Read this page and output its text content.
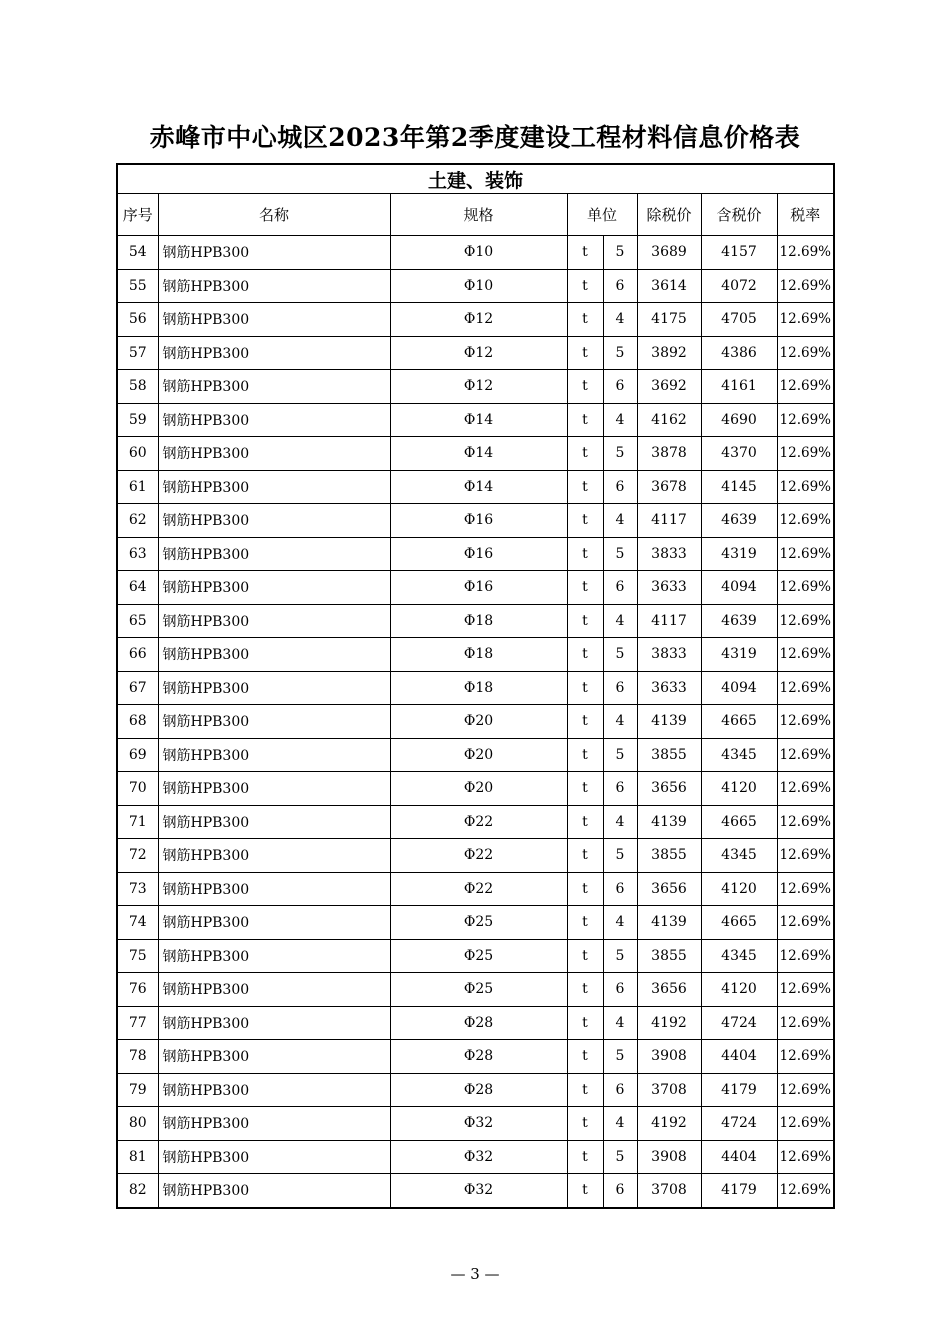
赤峰市中心城区2023年第2季度建设工程材料信息价格表
土建、装饰							
序号	名称	规格	单位		除税价	含税价	税率
54	钢筋HPB300	Φ10	t	5	3689	4157	12.69%
55	钢筋HPB300	Φ10	t	6	3614	4072	12.69%
56	钢筋HPB300	Φ12	t	4	4175	4705	12.69%
57	钢筋HPB300	Φ12	t	5	3892	4386	12.69%
58	钢筋HPB300	Φ12	t	6	3692	4161	12.69%
59	钢筋HPB300	Φ14	t	4	4162	4690	12.69%
60	钢筋HPB300	Φ14	t	5	3878	4370	12.69%
61	钢筋HPB300	Φ14	t	6	3678	4145	12.69%
62	钢筋HPB300	Φ16	t	4	4117	4639	12.69%
63	钢筋HPB300	Φ16	t	5	3833	4319	12.69%
64	钢筋HPB300	Φ16	t	6	3633	4094	12.69%
65	钢筋HPB300	Φ18	t	4	4117	4639	12.69%
66	钢筋HPB300	Φ18	t	5	3833	4319	12.69%
67	钢筋HPB300	Φ18	t	6	3633	4094	12.69%
68	钢筋HPB300	Φ20	t	4	4139	4665	12.69%
69	钢筋HPB300	Φ20	t	5	3855	4345	12.69%
70	钢筋HPB300	Φ20	t	6	3656	4120	12.69%
71	钢筋HPB300	Φ22	t	4	4139	4665	12.69%
72	钢筋HPB300	Φ22	t	5	3855	4345	12.69%
73	钢筋HPB300	Φ22	t	6	3656	4120	12.69%
74	钢筋HPB300	Φ25	t	4	4139	4665	12.69%
75	钢筋HPB300	Φ25	t	5	3855	4345	12.69%
76	钢筋HPB300	Φ25	t	6	3656	4120	12.69%
77	钢筋HPB300	Φ28	t	4	4192	4724	12.69%
78	钢筋HPB300	Φ28	t	5	3908	4404	12.69%
79	钢筋HPB300	Φ28	t	6	3708	4179	12.69%
80	钢筋HPB300	Φ32	t	4	4192	4724	12.69%
81	钢筋HPB300	Φ32	t	5	3908	4404	12.69%
82	钢筋HPB300	Φ32	t	6	3708	4179	12.69%
— 3 —
